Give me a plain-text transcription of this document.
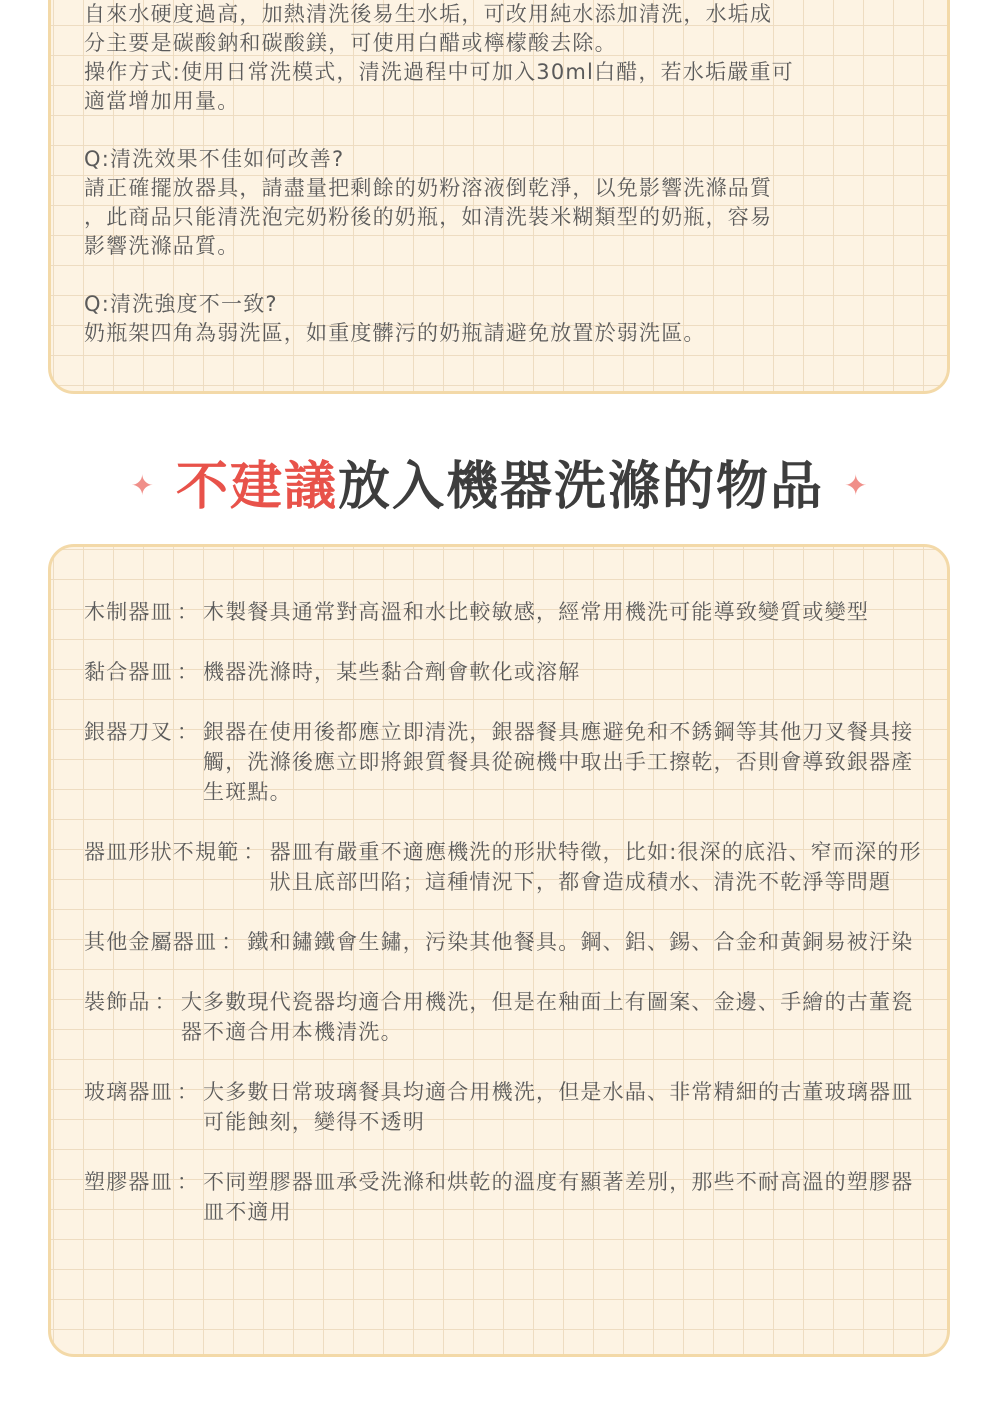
自來水硬度過高，加熱清洗後易生水垢，可改用純水添加清洗，水垢成

分主要是碳酸鈉和碳酸鎂，可使用白醋或檸檬酸去除。

操作方式:使用日常洗模式，清洗過程中可加入30ml白醋，若水垢嚴重可

適當增加用量。

Q:清洗效果不佳如何改善?

請正確擺放器具，請盡量把剩餘的奶粉溶液倒乾淨，以免影響洗滌品質

，此商品只能清洗泡完奶粉後的奶瓶，如清洗裝米糊類型的奶瓶，容易

影響洗滌品質。

Q:清洗強度不一致?

奶瓶架四角為弱洗區，如重度髒污的奶瓶請避免放置於弱洗區。

✦ 不建議放入機器洗滌的物品 ✦
木制器皿 ： 木製餐具通常對高溫和水比較敏感，經常用機洗可能導致變質或變型
黏合器皿 ： 機器洗滌時，某些黏合劑會軟化或溶解
銀器刀叉 ： 銀器在使用後都應立即清洗，銀器餐具應避免和不銹鋼等其他刀叉餐具接觸，洗滌後應立即將銀質餐具從碗機中取出手工擦乾，否則會導致銀器產生斑點。
器皿形狀不規範 ： 器皿有嚴重不適應機洗的形狀特徵，比如:很深的底沿、窄而深的形狀且底部凹陷；這種情況下，都會造成積水、清洗不乾淨等問題
其他金屬器皿 ： 鐵和鏽鐵會生鏽，污染其他餐具。鋼、鋁、錫、合金和黃銅易被汙染
裝飾品 ： 大多數現代瓷器均適合用機洗，但是在釉面上有圖案、金邊、手繪的古董瓷器不適合用本機清洗。
玻璃器皿 ： 大多數日常玻璃餐具均適合用機洗，但是水晶、非常精細的古董玻璃器皿可能蝕刻，變得不透明
塑膠器皿 ： 不同塑膠器皿承受洗滌和烘乾的溫度有顯著差別，那些不耐高溫的塑膠器皿不適用
